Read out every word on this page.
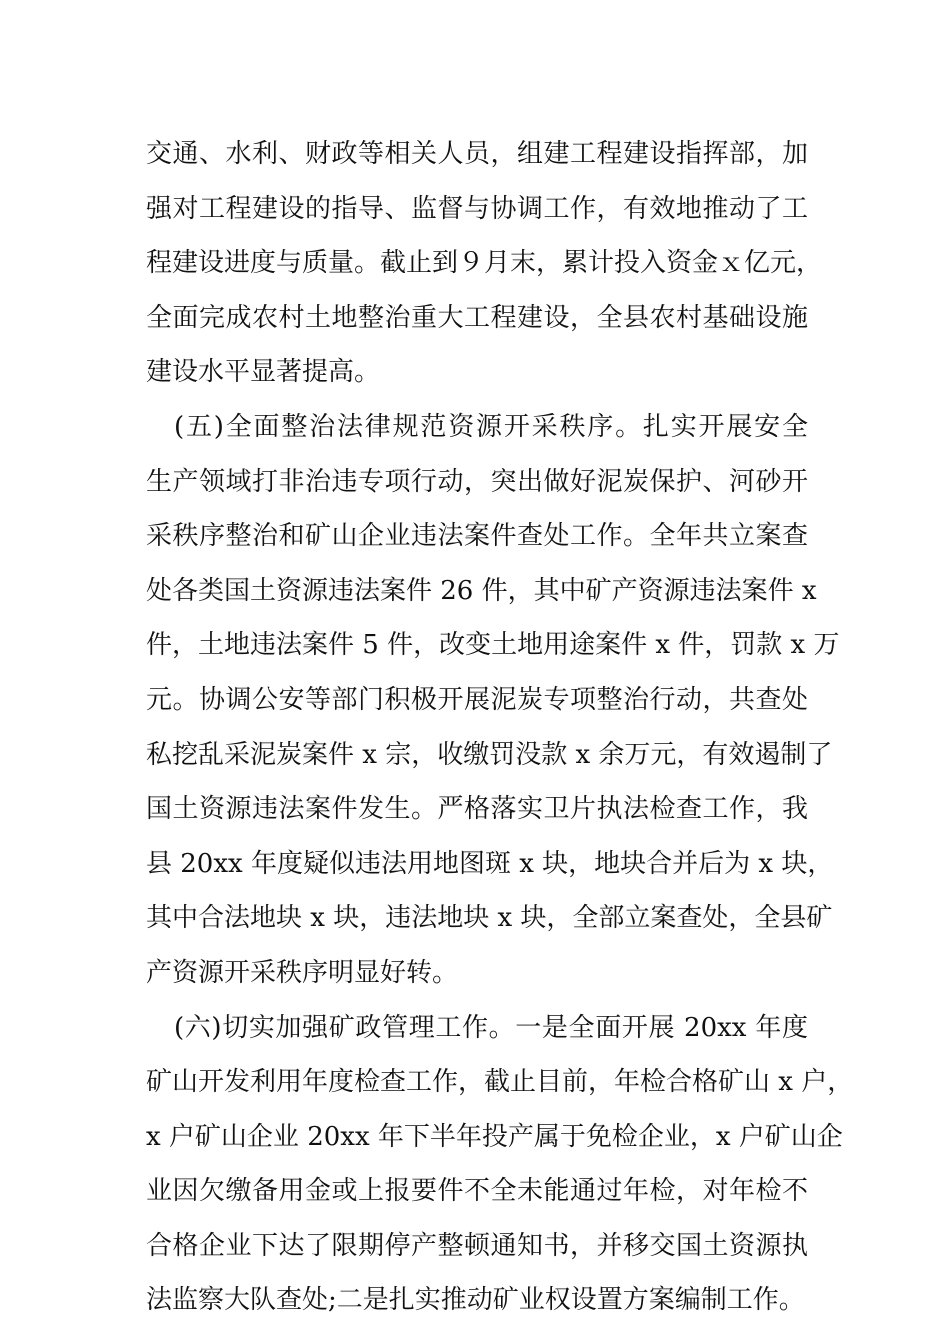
交通、水利、财政等相关人员，组建工程建设指挥部，加
强对工程建设的指导、监督与协调工作，有效地推动了工
程建设进度与质量。截止到９月末，累计投入资金ｘ亿元，
全面完成农村土地整治重大工程建设，全县农村基础设施
建设水平显著提高。
(五)全面整治法律规范资源开采秩序。扎实开展安全
生产领域打非治违专项行动，突出做好泥炭保护、河砂开
采秩序整治和矿山企业违法案件查处工作。全年共立案查
处各类国土资源违法案件 26 件，其中矿产资源违法案件 x
件，土地违法案件 5 件，改变土地用途案件 x 件，罚款 x 万
元。协调公安等部门积极开展泥炭专项整治行动，共查处
私挖乱采泥炭案件 x 宗，收缴罚没款 x 余万元，有效遏制了
国土资源违法案件发生。严格落实卫片执法检查工作，我
县 20xx 年度疑似违法用地图斑 x 块，地块合并后为 x 块，
其中合法地块 x 块，违法地块 x 块，全部立案查处，全县矿
产资源开采秩序明显好转。
(六)切实加强矿政管理工作。一是全面开展 20xx 年度
矿山开发利用年度检查工作，截止目前，年检合格矿山 x 户，
x 户矿山企业 20xx 年下半年投产属于免检企业，x 户矿山企
业因欠缴备用金或上报要件不全未能通过年检，对年检不
合格企业下达了限期停产整顿通知书，并移交国土资源执
法监察大队查处;二是扎实推动矿业权设置方案编制工作。
